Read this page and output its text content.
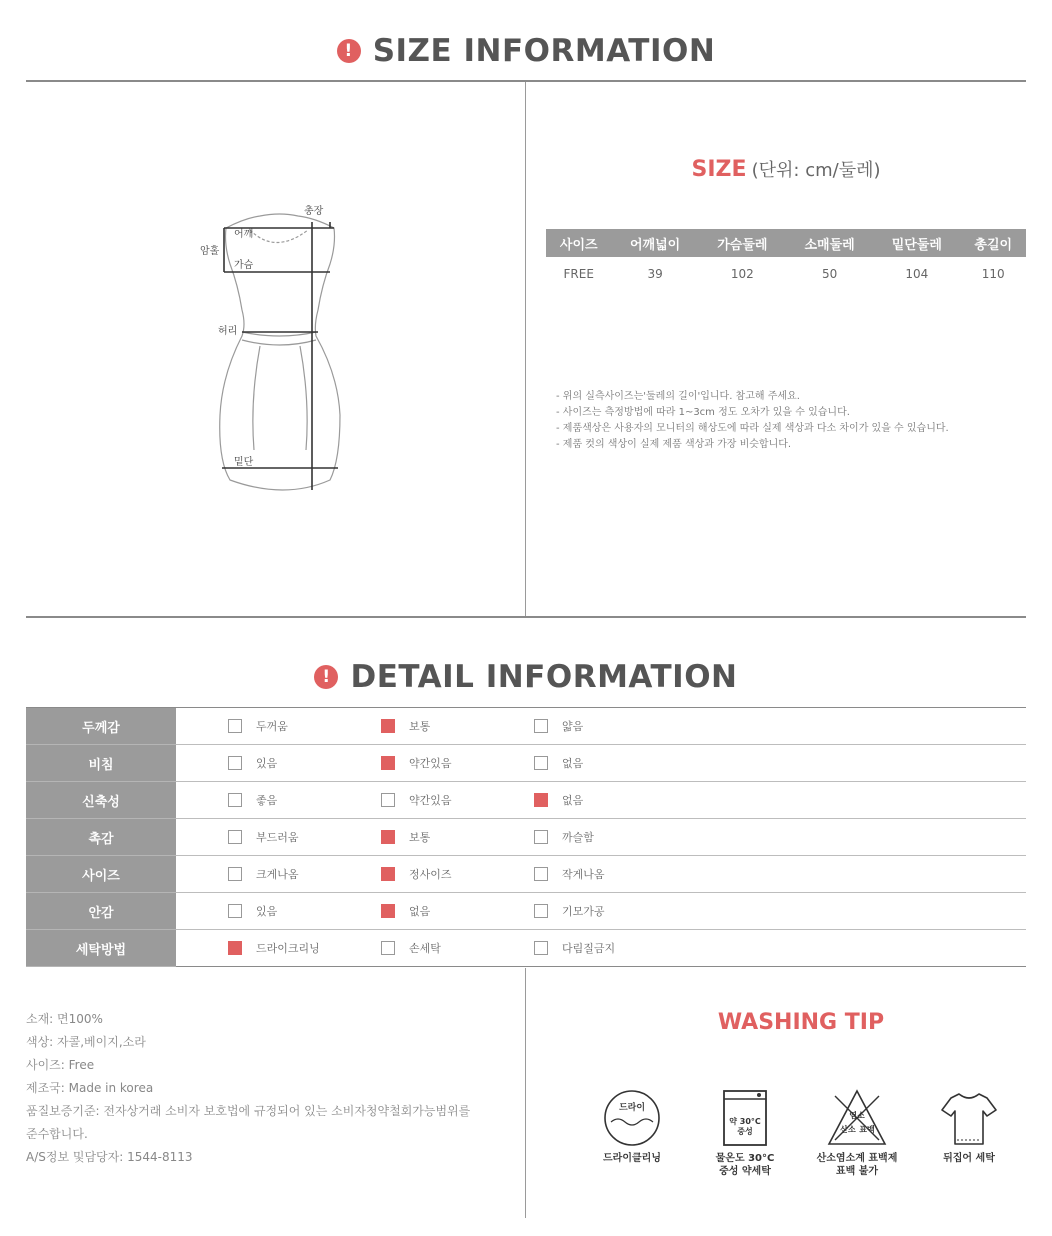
! SIZE INFORMATION
총장
어깨
암홀
가슴
허리
밑단
SIZE (단위: cm/둘레)
사이즈	어깨넓이	가슴둘레	소매둘레	밑단둘레	총길이
FREE	39	102	50	104	110
- 위의 실측사이즈는'둘레의 길이'입니다. 참고해 주세요.
- 사이즈는 측정방법에 따라 1~3cm 정도 오차가 있을 수 있습니다.
- 제품색상은 사용자의 모니터의 해상도에 따라 실제 색상과 다소 차이가 있을 수 있습니다.
- 제품 컷의 색상이 실제 제품 색상과 가장 비슷합니다.
! DETAIL INFORMATION
두께감	두꺼움 보통 얇음

비침	있음 약간있음 없음

신축성	좋음 약간있음 없음

촉감	부드러움 보통 까슬함

사이즈	크게나옴 정사이즈 작게나옴

안감	있음 없음 기모가공

세탁방법	드라이크리닝 손세탁 다림질금지
소재: 면100%
색상: 자콜,베이지,소라
사이즈: Free
제조국: Made in korea
품질보증기준: 전자상거래 소비자 보호법에 규정되어 있는 소비자청약철회가능범위를
준수합니다.
A/S정보 및담당자: 1544-8113
WASHING TIP
드라이
드라이클리닝
약 30°C
중성
물온도 30°C
중성 약세탁
염소
산소 표백
산소염소계 표백제
표백 불가
뒤집어 세탁
